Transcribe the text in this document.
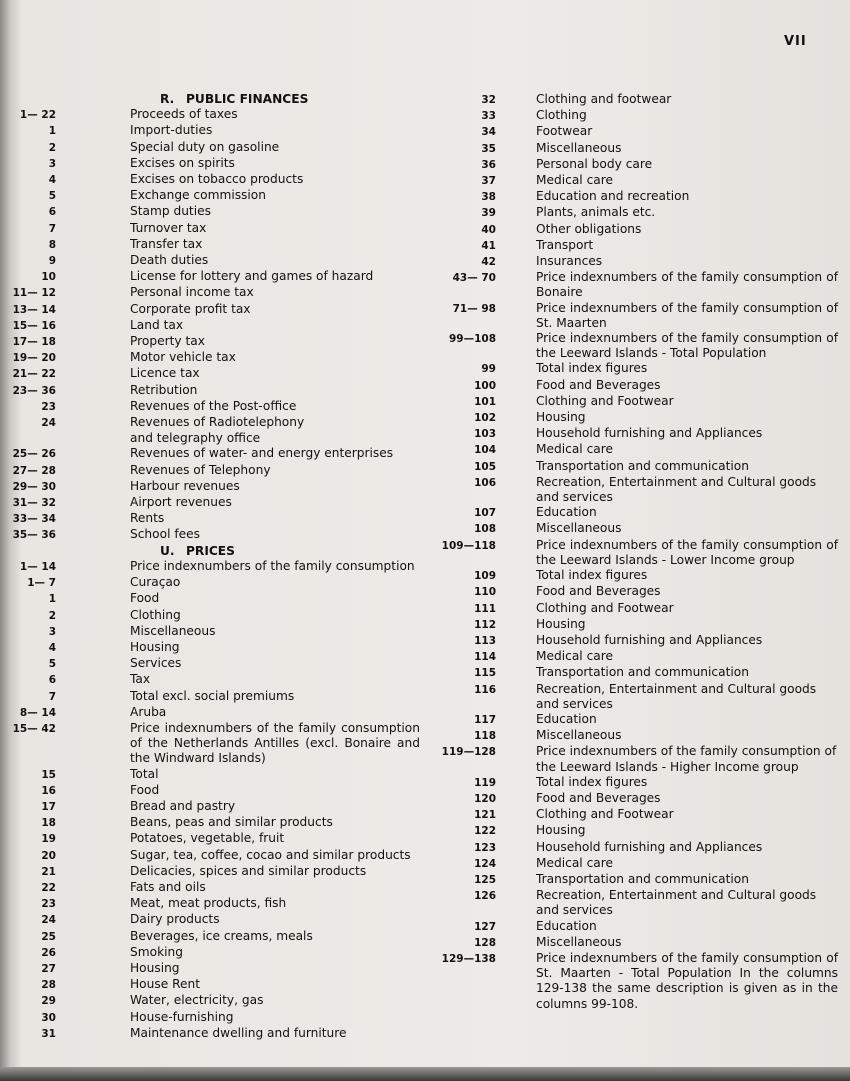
VII
R. PUBLIC FINANCES
1— 22	Proceeds of taxes
1	Import-duties
2	Special duty on gasoline
3	Excises on spirits
4	Excises on tobacco products
5	Exchange commission
6	Stamp duties
7	Turnover tax
8	Transfer tax
9	Death duties
10	License for lottery and games of hazard
11— 12	Personal income tax
13— 14	Corporate profit tax
15— 16	Land tax
17— 18	Property tax
19— 20	Motor vehicle tax
21— 22	Licence tax
23— 36	Retribution
23	Revenues of the Post-office
24	Revenues of Radiotelephony
and telegraphy office
25— 26	Revenues of water- and energy enterprises
27— 28	Revenues of Telephony
29— 30	Harbour revenues
31— 32	Airport revenues
33— 34	Rents
35— 36	School fees
U. PRICES
1— 14	Price indexnumbers of the family consumption
1— 7	Curaçao
1	Food
2	Clothing
3	Miscellaneous
4	Housing
5	Services
6	Tax
7	Total excl. social premiums
8— 14	Aruba
15— 42	Price indexnumbers of the family consumption of the Netherlands Antilles (excl. Bonaire and the Windward Islands)
15	Total
16	Food
17	Bread and pastry
18	Beans, peas and similar products
19	Potatoes, vegetable, fruit
20	Sugar, tea, coffee, cocao and similar products
21	Delicacies, spices and similar products
22	Fats and oils
23	Meat, meat products, fish
24	Dairy products
25	Beverages, ice creams, meals
26	Smoking
27	Housing
28	House Rent
29	Water, electricity, gas
30	House-furnishing
31	Maintenance dwelling and furniture
32	Clothing and footwear
33	Clothing
34	Footwear
35	Miscellaneous
36	Personal body care
37	Medical care
38	Education and recreation
39	Plants, animals etc.
40	Other obligations
41	Transport
42	Insurances
43— 70	Price indexnumbers of the family consumption of Bonaire
71— 98	Price indexnumbers of the family consumption of St. Maarten
99—108	Price indexnumbers of the family consumption of the Leeward Islands - Total Population
99	Total index figures
100	Food and Beverages
101	Clothing and Footwear
102	Housing
103	Household furnishing and Appliances
104	Medical care
105	Transportation and communication
106	Recreation, Entertainment and Cultural goods and services
107	Education
108	Miscellaneous
109—118	Price indexnumbers of the family consumption of the Leeward Islands - Lower Income group
109	Total index figures
110	Food and Beverages
111	Clothing and Footwear
112	Housing
113	Household furnishing and Appliances
114	Medical care
115	Transportation and communication
116	Recreation, Entertainment and Cultural goods and services
117	Education
118	Miscellaneous
119—128	Price indexnumbers of the family consumption of the Leeward Islands - Higher Income group
119	Total index figures
120	Food and Beverages
121	Clothing and Footwear
122	Housing
123	Household furnishing and Appliances
124	Medical care
125	Transportation and communication
126	Recreation, Entertainment and Cultural goods and services
127	Education
128	Miscellaneous
129—138	Price indexnumbers of the family consumption of St. Maarten - Total Population In the columns 129-138 the same description is given as in the columns 99-108.
